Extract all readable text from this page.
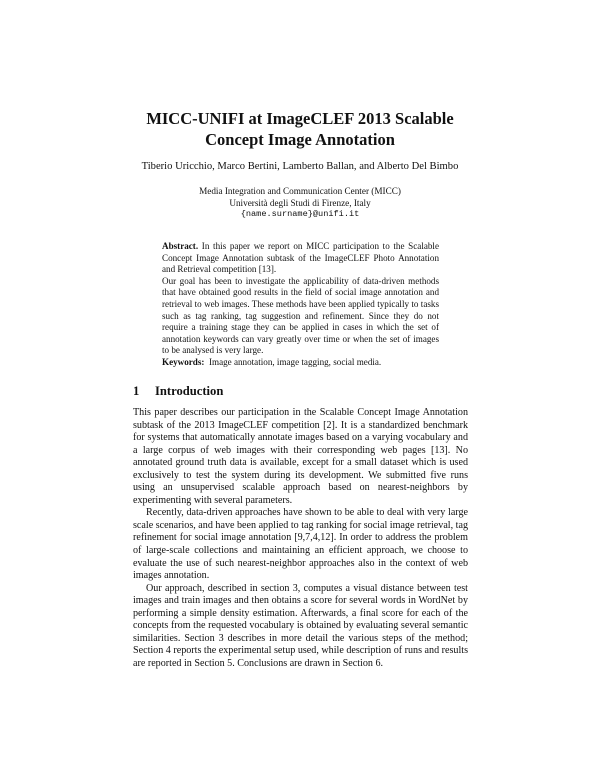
MICC-UNIFI at ImageCLEF 2013 Scalable
Concept Image Annotation
Tiberio Uricchio, Marco Bertini, Lamberto Ballan, and Alberto Del Bimbo
Media Integration and Communication Center (MICC)
Università degli Studi di Firenze, Italy
{name.surname}@unifi.it

Abstract. In this paper we report on MICC participation to the Scalable Concept Image Annotation subtask of the ImageCLEF Photo Annotation and Retrieval competition [13].

Our goal has been to investigate the applicability of data-driven methods that have obtained good results in the field of social image annotation and retrieval to web images. These methods have been applied typically to tasks such as tag ranking, tag suggestion and refinement. Since they do not require a training stage they can be applied in cases in which the set of annotation keywords can vary greatly over time or when the set of images to be analysed is very large.

Keywords: Image annotation, image tagging, social media.
1 Introduction

This paper describes our participation in the Scalable Concept Image Annotation subtask of the 2013 ImageCLEF competition [2]. It is a standardized benchmark for systems that automatically annotate images based on a varying vocabulary and a large corpus of web images with their corresponding web pages [13]. No annotated ground truth data is available, except for a small dataset which is used exclusively to test the system during its development. We submitted five runs using an unsupervised scalable approach based on nearest-neighbors by experimenting with several parameters.

Recently, data-driven approaches have shown to be able to deal with very large scale scenarios, and have been applied to tag ranking for social image retrieval, tag refinement for social image annotation [9,7,4,12]. In order to address the problem of large-scale collections and maintaining an efficient approach, we choose to evaluate the use of such nearest-neighbor approaches also in the context of web images annotation.

Our approach, described in section 3, computes a visual distance between test images and train images and then obtains a score for several words in WordNet by performing a simple density estimation. Afterwards, a final score for each of the concepts from the requested vocabulary is obtained by evaluating several semantic similarities. Section 3 describes in more detail the various steps of the method; Section 4 reports the experimental setup used, while description of runs and results are reported in Section 5. Conclusions are drawn in Section 6.
